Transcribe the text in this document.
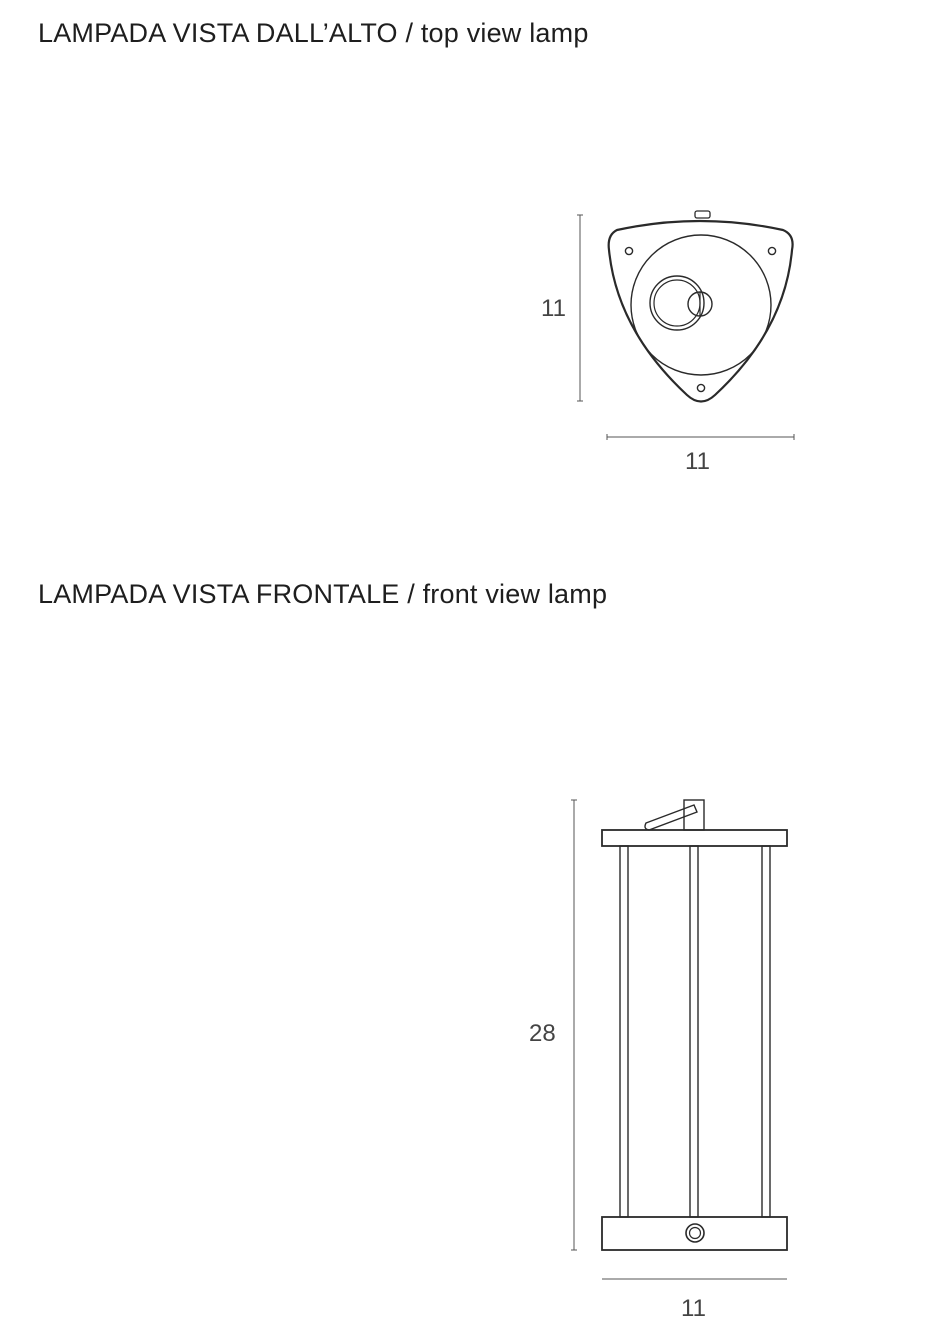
LAMPADA VISTA DALL’ALTO / top view lamp
11
11
28
11
LAMPADA VISTA FRONTALE / front view lamp
